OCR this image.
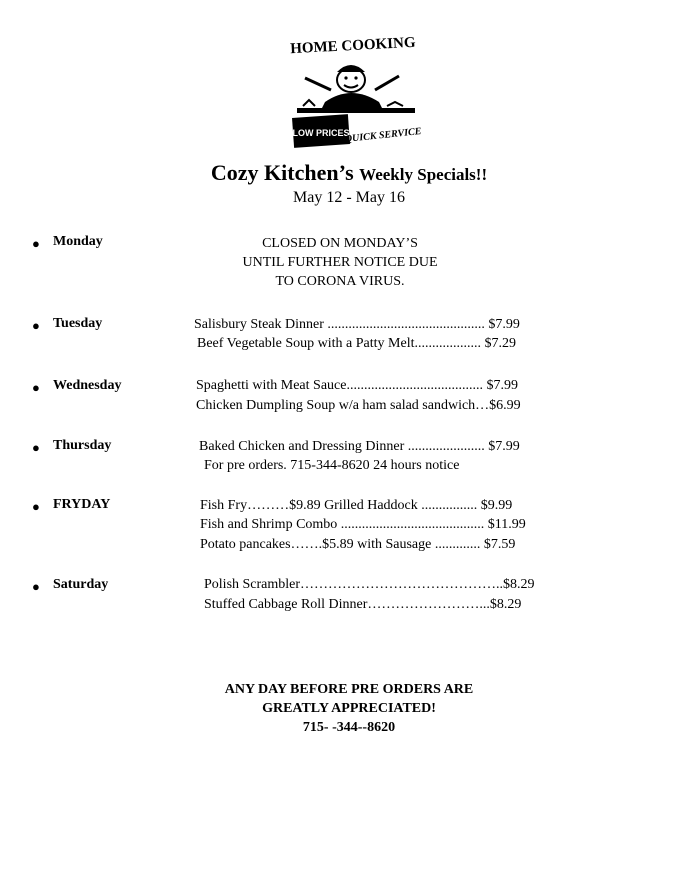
HOME COOKING
LOW PRICES
QUICK SERVICE
Cozy Kitchen’s Weekly Specials!!
May 12 - May 16
● Monday	CLOSED ON MONDAY’S
UNTIL FURTHER NOTICE DUE
TO CORONA VIRUS.
● Tuesday	Salisbury Steak Dinner ............................................. $7.99
Beef Vegetable Soup with a Patty Melt................... $7.29
● Wednesday	Spaghetti with Meat Sauce....................................... $7.99
Chicken Dumpling Soup w/a ham salad sandwich…$6.99
● Thursday	Baked Chicken and Dressing Dinner ...................... $7.99
For pre orders. 715-344-8620 24 hours notice
● FRYDAY	Fish Fry………$9.89 Grilled Haddock ................ $9.99
Fish and Shrimp Combo ......................................... $11.99
Potato pancakes…….$5.89 with Sausage ............. $7.59
● Saturday	Polish Scrambler……………………………………..$8.29
Stuffed Cabbage Roll Dinner……………………...$8.29
ANY DAY BEFORE PRE ORDERS ARE
GREATLY APPRECIATED!
715- -344--8620
